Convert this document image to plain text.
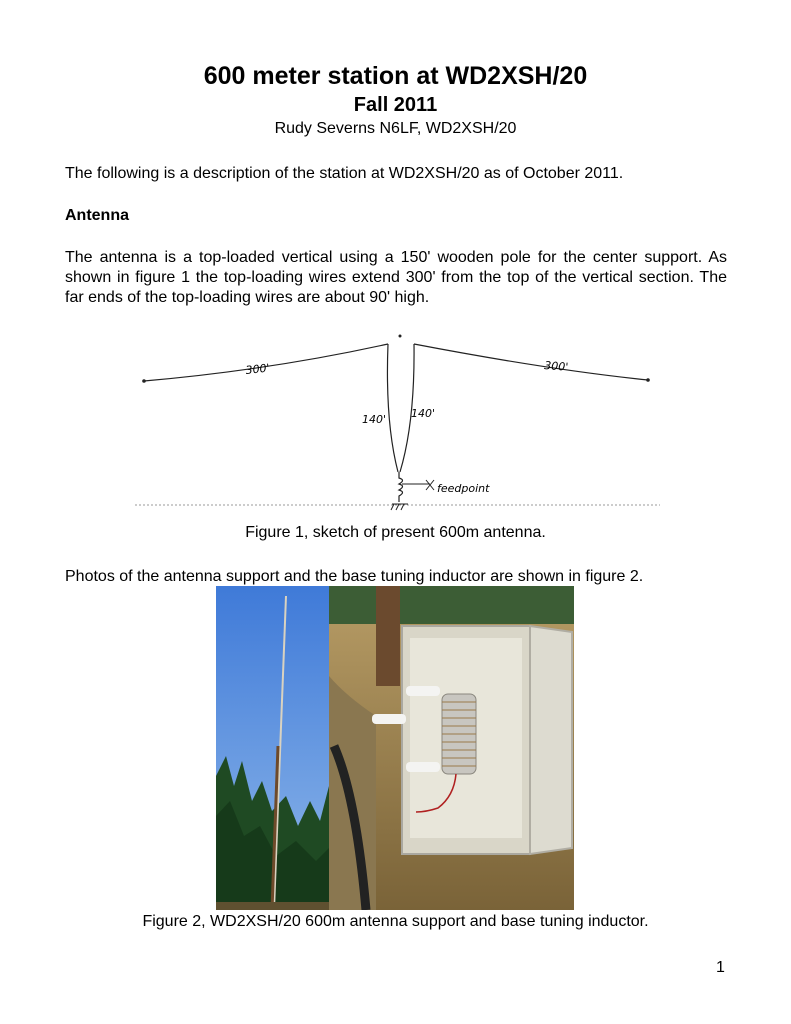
600 meter station at WD2XSH/20
Fall 2011
Rudy Severns N6LF, WD2XSH/20
The following is a description of the station at WD2XSH/20 as of October 2011.
Antenna
The antenna is a top-loaded vertical using a 150' wooden pole for the center support. As shown in figure 1 the top-loading wires extend 300' from the top of the vertical section. The far ends of the top-loading wires are about 90' high.
300'	300'
140' 140'
feedpoint
Figure 1, sketch of present 600m antenna.
Photos of the antenna support and the base tuning inductor are shown in figure 2.
Figure 2, WD2XSH/20 600m antenna support and base tuning inductor.
1
